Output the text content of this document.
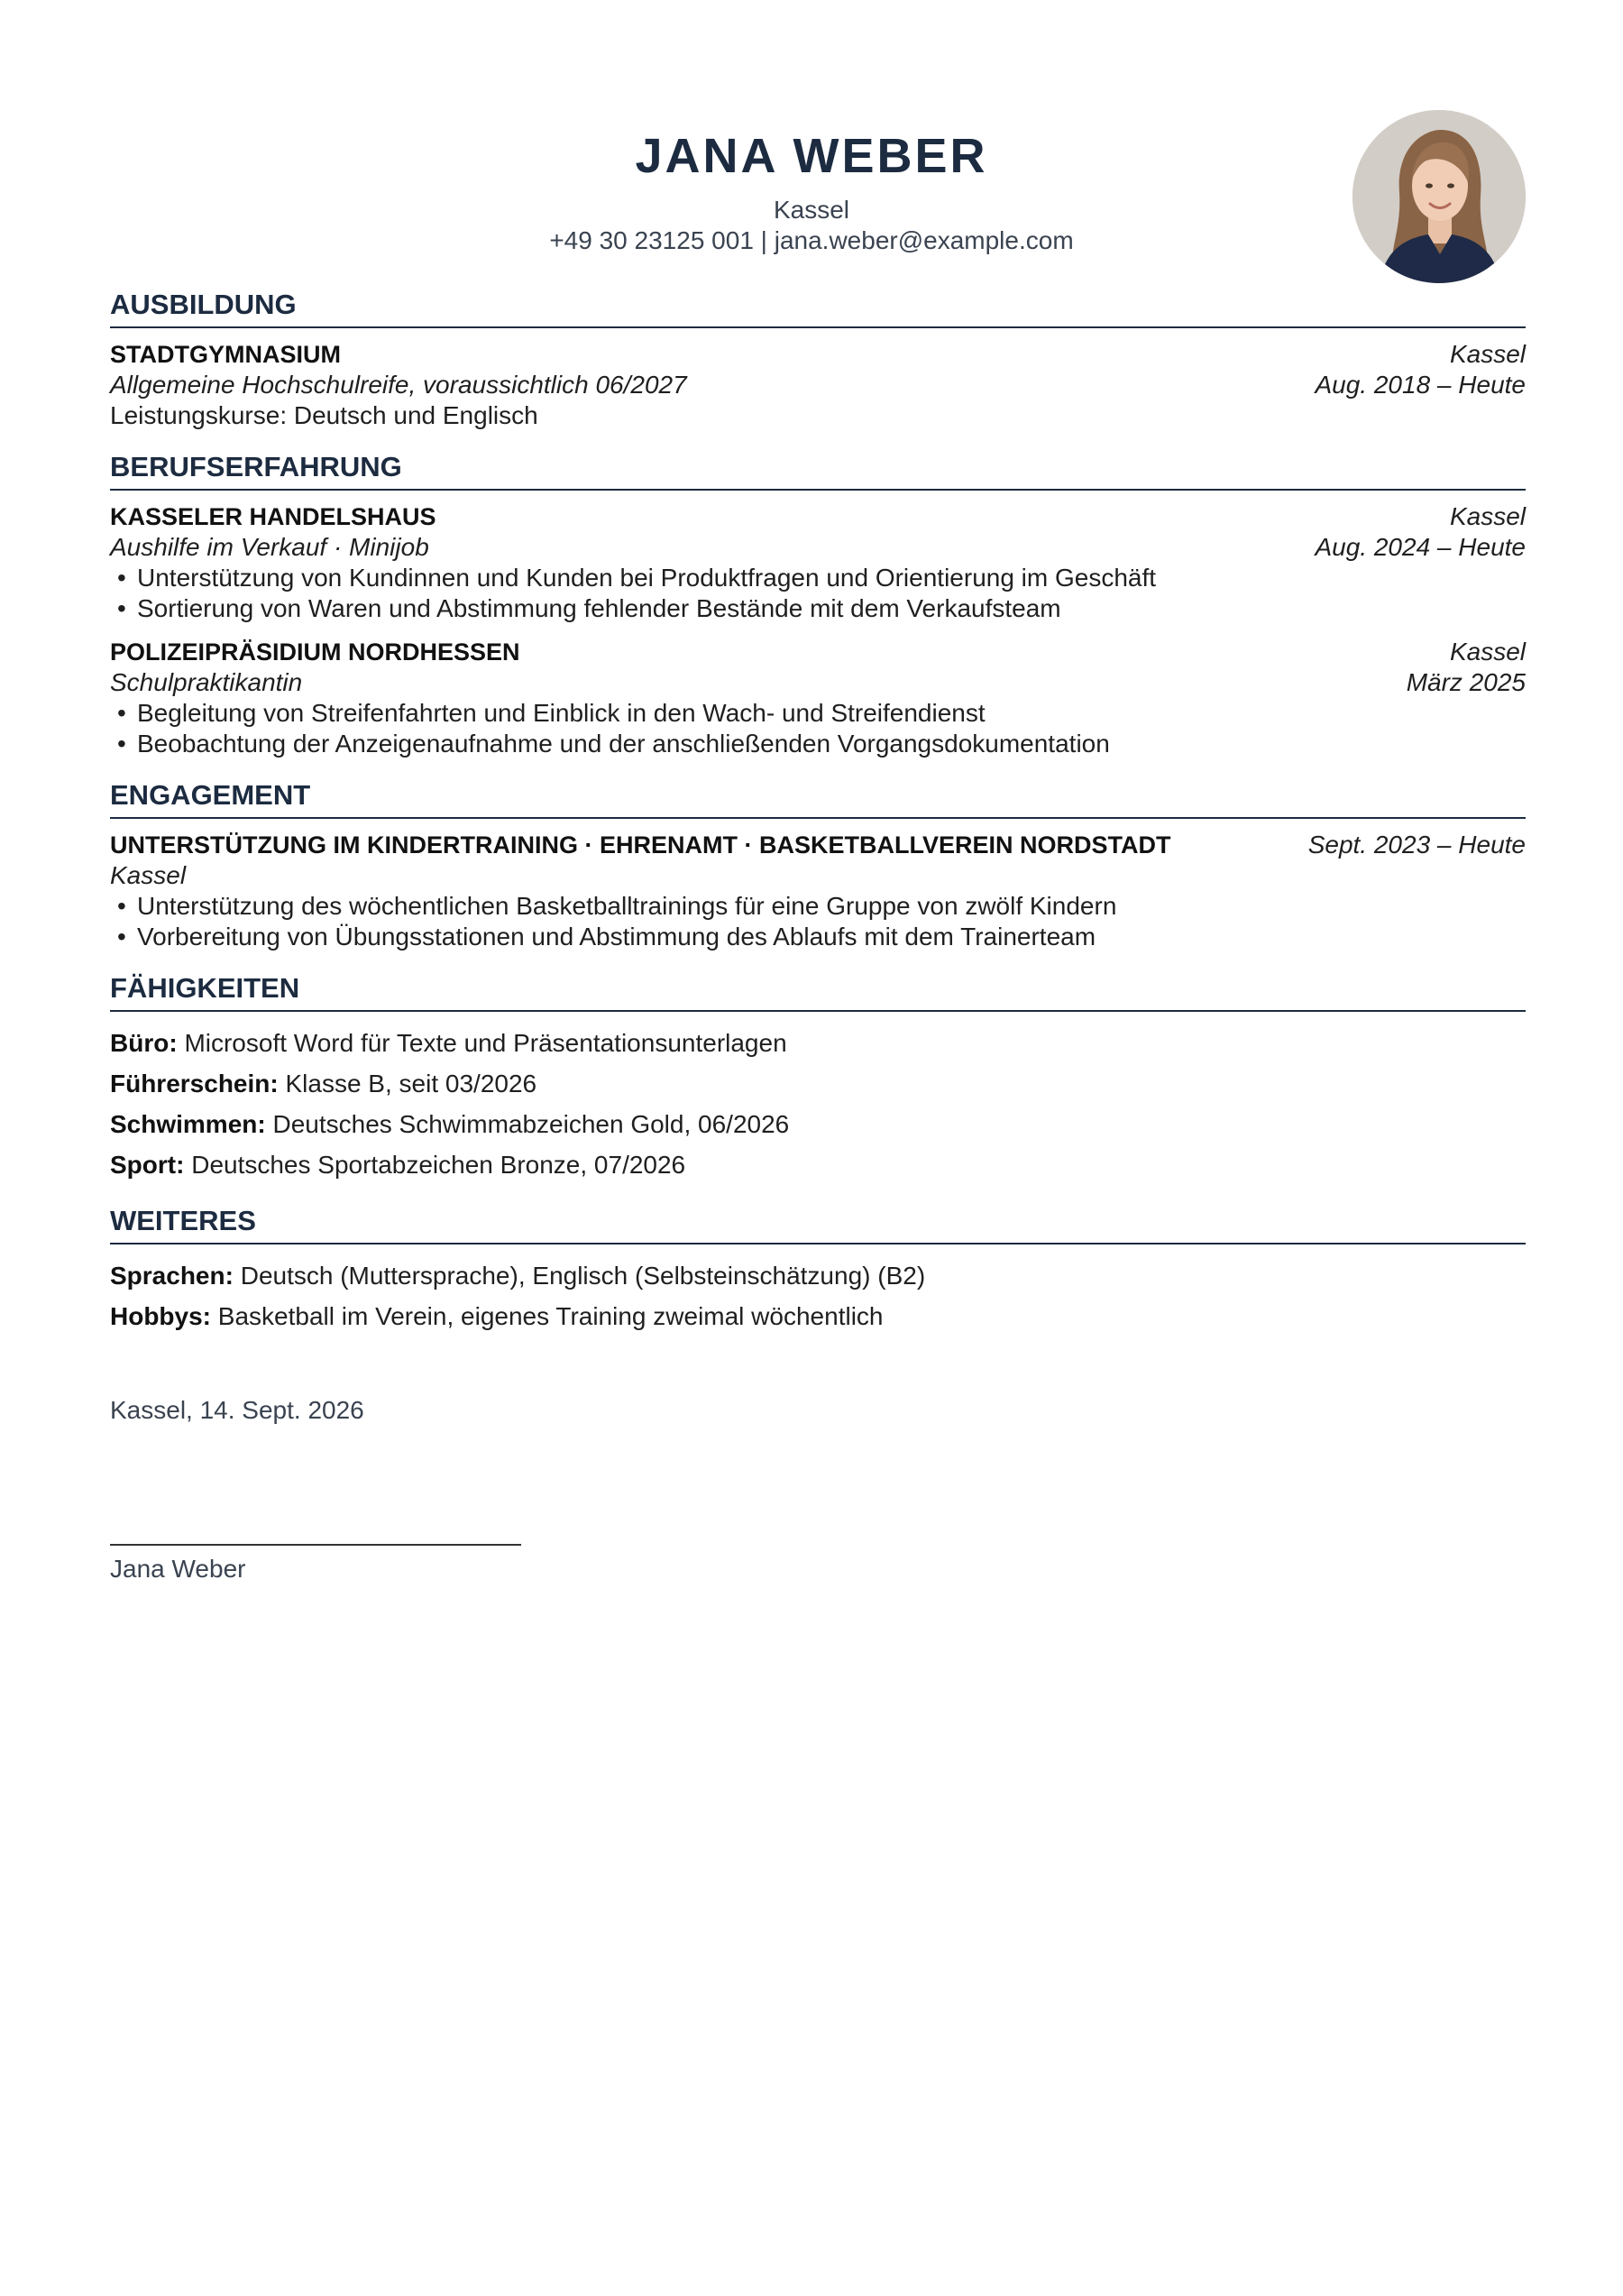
JANA WEBER
Kassel
+49 30 23125 001 | jana.weber@example.com
AUSBILDUNG
STADTGYMNASIUM	Kassel
Allgemeine Hochschulreife, voraussichtlich 06/2027	Aug. 2018 – Heute
Leistungskurse: Deutsch und Englisch
BERUFSERFAHRUNG
KASSELER HANDELSHAUS	Kassel
Aushilfe im Verkauf · Minijob	Aug. 2024 – Heute
• Unterstützung von Kundinnen und Kunden bei Produktfragen und Orientierung im Geschäft
• Sortierung von Waren und Abstimmung fehlender Bestände mit dem Verkaufsteam
POLIZEIPRÄSIDIUM NORDHESSEN	Kassel
Schulpraktikantin	März 2025
• Begleitung von Streifenfahrten und Einblick in den Wach- und Streifendienst
• Beobachtung der Anzeigenaufnahme und der anschließenden Vorgangsdokumentation
ENGAGEMENT
UNTERSTÜTZUNG IM KINDERTRAINING · EHRENAMT · BASKETBALLVEREIN NORDSTADT	Sept. 2023 – Heute
Kassel
• Unterstützung des wöchentlichen Basketballtrainings für eine Gruppe von zwölf Kindern
• Vorbereitung von Übungsstationen und Abstimmung des Ablaufs mit dem Trainerteam
FÄHIGKEITEN
Büro: Microsoft Word für Texte und Präsentationsunterlagen
Führerschein: Klasse B, seit 03/2026
Schwimmen: Deutsches Schwimmabzeichen Gold, 06/2026
Sport: Deutsches Sportabzeichen Bronze, 07/2026
WEITERES
Sprachen: Deutsch (Muttersprache), Englisch (Selbsteinschätzung) (B2)
Hobbys: Basketball im Verein, eigenes Training zweimal wöchentlich
Kassel, 14. Sept. 2026
Jana Weber
